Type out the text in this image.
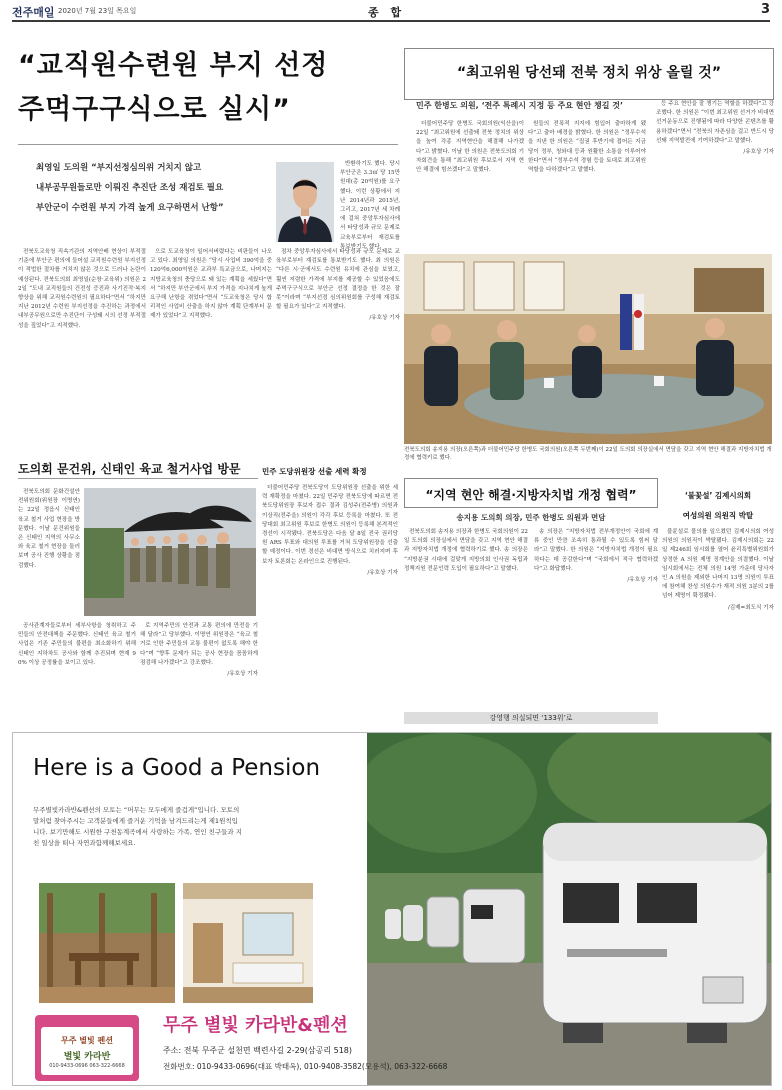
전주매일 2020년 7월 23일 목요일	종 합	3
“교직원수련원 부지 선정
주먹구구식으로 실시”
최영일 도의원 “부지선정심의위 거치지 않고
내부공무원들로만 이뤄진 추진단 조성 재검토 필요
부안군이 수련원 부지 가격 높게 요구하면서 난항”

반환하기도 했다. 당시 부안군은 3.3㎡ 당 15만원대(총 20억원)를 요구했다. 이런 상황에서 지난 2014년과 2015년, 그리고, 2017년 세 차례에 걸쳐 중앙투자심사에서 타당성과 규모 문제로 교육부로부터 재검토를 통보받기도 했다.

전북도교육청 직속기관의 지역안배 현상이 부적절 기준에 부안군 편의에 들어설 교직원수련원 부지선정이 적법한 절차를 거치지 않은 것으로 드러나 논란이 예상된다. 전북도의회 최영일(순창·교육위) 의원은 22일 “도내 교직원들의 건전성 증진과 사기진작·복지향상을 위해 교직원수련원의 필요하다”면서 “하지만 지난 2012년 수련원 부지선정을 추진하는 과정에서 내부공무원으로만 추진단이 구성돼 시의 선정 부적절성을 짚었다”고 지적했다.

으로 도교육청이 일어서버렸다는 비판들이 나오고 있다. 최영일 의원은 “당시 사업비 390억을 중 120억6,000억원은 교과부 특교금으로, 나머지는 지방교육청의 충당으로 돼 있는 계획을 세웠다”면서 “하지만 부안군에서 부지 가격을 지나치게 높게 요구해 난항을 겪었다”면서 “도교육청은 당시 합리적인 사업비 산출을 하지 않아 계획 단계부터 문제가 있었다”고 지적했다.

점차 중앙투자심사에서 타당성과 규모 문제로 교육부로부터 재검토를 통보받기도 했다. 최 의원은 “다른 시·군에서도 수련원 유치에 관심을 보였고, 훨씬 저렴한 가격에 부지를 제공할 수 있었음에도 주먹구구식으로 부안군 선정 결정을 한 것은 잘못”이라며 “부지선정 심의위원회를 구성해 재검토할 필요가 있다”고 지적했다.

/유호상 기자
“최고위원 당선돼 전북 정치 위상 올릴 것”
민주 한병도 의원, ‘전주 특례시 지정 등 주요 현안 챙길 것’

더불어민주당 한병도 국회의원(익산을)이 22일 “최고위원에 선출돼 전북 정치의 위상을 높여 각종 지역현안을 해결해 나가겠다”고 밝혔다. 이날 한 의원은 전북도의회 기자회견을 통해 “최고위원 후보로서 지역 현안 해결에 힘쓰겠다”고 말했다.

원들의 전폭적 지지에 힘입어 출마하게 됐다”고 출마 배경을 밝혔다. 한 의원은 “정무수석을 지낸 한 의원은 “집권 후반기에 접어든 지금 당이 정부, 청와대 등과 원활한 소통을 이루어야 한다”면서 “정부수석 경험 등을 토대로 최고위원 역할을 다하겠다”고 말했다.

등 주요 현안을 잘 챙기는 역할을 하겠다”고 강조했다. 한 의원은 “이번 최고위원 선거가 비대면 선거운동으로 진행됨에 따라 다양한 콘텐츠를 활용하겠다”면서 “전북의 자존심을 걸고 반드시 당선돼 지역발전에 기여하겠다”고 말했다.

/유호상 기자
전북도의회 송지용 의장(오른쪽)과 더불어민주당 한병도 국회의원(오른쪽 두번째)이 22일 도의회 의장실에서 면담을 갖고 지역 현안 해결과 지방자치법 개정에 협력키로 했다.
도의회 문건위, 신태인 육교 철거사업 방문

전북도의회 문화건설안전위원회(위원장 이명연)는 22일 정읍시 신태인 육교 철거 사업 현장을 방문했다. 이날 문건위원들은 신태인 지역의 사무소와 육교 철거 현장을 둘러보며 공사 진행 상황을 점검했다.

공사관계자들로부터 세부사항을 청취하고 주민들의 안전대책을 주문했다. 신태인 육교 철거사업은 기존 주민들의 불편을 최소화하기 위해 신태인 지하차도 공사와 함께 추진되며 현재 90% 이상 공정률을 보이고 있다.

로 지역주민의 안전과 교통 편의에 만전을 기해 달라”고 당부했다. 이명연 위원장은 “육교 철거로 인한 주민들의 교통 불편이 없도록 해야 한다”며 “향후 문제가 되는 공사 현장을 꼼꼼하게 점검해 나가겠다”고 강조했다.

/유호상 기자
민주 도당위원장 선출 세력 확정

더불어민주당 전북도당이 도당위원장 선출을 위한 세력 재확정을 마쳤다. 22일 민주당 전북도당에 따르면 전북도당위원장 후보자 접수 결과 김성주(전주병) 의원과 이상직(전주을) 의원이 각각 후보 등록을 마쳤다. 또 전당대회 최고위원 후보로 한병도 의원이 등록해 본격적인 경선이 시작됐다. 전북도당은 다음 달 8일 전국 권리당원 ARS 투표와 대의원 투표를 거쳐 도당위원장을 선출할 예정이다. 이번 경선은 비대면 방식으로 치러지며 후보자 토론회는 온라인으로 진행된다.

/유호상 기자
“지역 현안 해결·지방자치법 개정 협력”
송지용 도의회 의장, 민주 한병도 의원과 면담

전북도의회 송지용 의장과 한병도 국회의원이 22일 도의회 의장실에서 면담을 갖고 지역 현안 해결과 지방자치법 개정에 협력하기로 했다. 송 의장은 “지방분권 시대에 걸맞게 지방의회 인사권 독립과 정책지원 전문인력 도입이 필요하다”고 말했다.

송 의장은 “지방자치법 전부개정안이 국회에 계류 중인 만큼 조속히 통과될 수 있도록 힘써 달라”고 말했다. 한 의원은 “지방자치법 개정이 필요하다는 데 공감한다”며 “국회에서 적극 협력하겠다”고 화답했다.

/유호상 기자
강영행 의실되면 ‘133위’로
‘불꽃설’ 김제시의회
여성의원 의원직 박탈

불륜설로 물의를 일으켰던 김제시의회 여성 의원의 의원직이 박탈됐다. 김제시의회는 22일 제246회 임시회를 열어 윤리특별위원회가 상정한 A 의원 제명 징계안을 의결했다. 이날 임시회에서는 전체 의원 14명 가운데 당사자인 A 의원을 제외한 나머지 13명 의원이 투표에 참여해 찬성 의원수가 재적 의원 3분의 2를 넘어 제명이 확정됐다.

/김제=최도식 기자
Here is a Good a Pension
무주별빛카라반&펜션의 모토는 “머무는 모두에게 즐겁게”입니다. 모토의 말처럼 찾아주시는 고객분들에게 즐거운 기억을 남겨드리는게 제1원칙입니다. 보기만해도 시원한 구천동계곡에서 사랑하는 가족, 연인 친구들과 지친 일상을 떠나 자연과함께해보세요.
무주 별빛 펜션
별빛 카라반
010-9433-0696 063-322-6668
무주 별빛 카라반&펜션
주소: 전북 무주군 설천면 백련사길 2-29(삼공리 518)
전화번호: 010-9433-0696(대표 박태옥), 010-9408-3582(모용석), 063-322-6668
